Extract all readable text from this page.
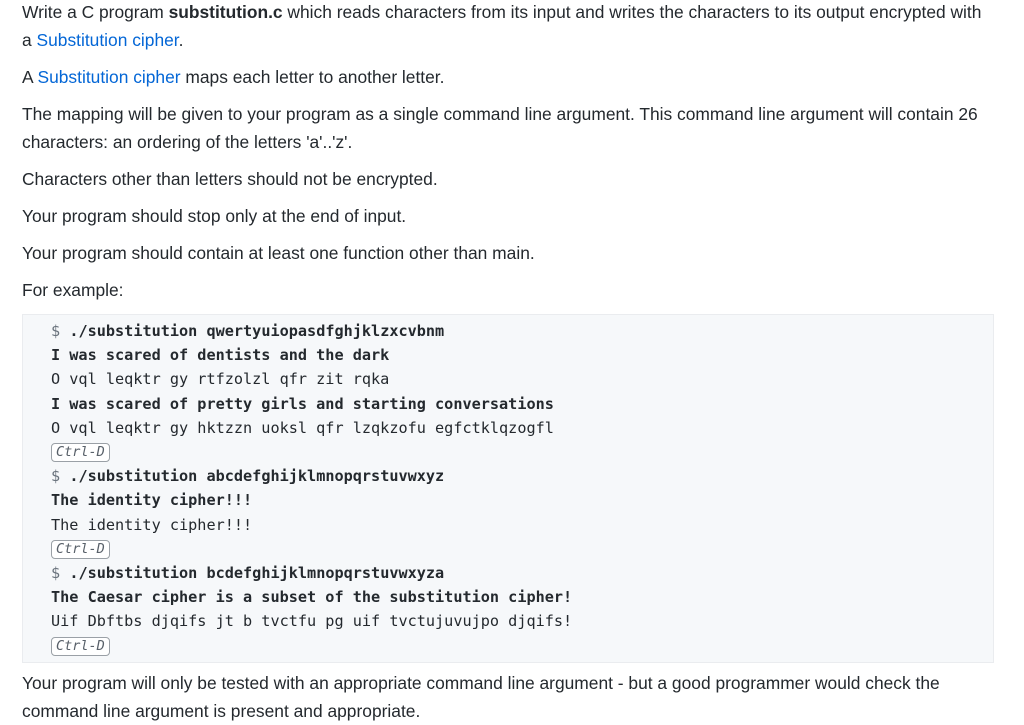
Write a C program substitution.c which reads characters from its input and writes the characters to its output encrypted with a Substitution cipher.

A Substitution cipher maps each letter to another letter.

The mapping will be given to your program as a single command line argument. This command line argument will contain 26 characters: an ordering of the letters 'a'..'z'.

Characters other than letters should not be encrypted.

Your program should stop only at the end of input.

Your program should contain at least one function other than main.

For example:

$ ./substitution qwertyuiopasdfghjklzxcvbnm
I was scared of dentists and the dark
O vql leqktr gy rtfzolzl qfr zit rqka
I was scared of pretty girls and starting conversations
O vql leqktr gy hktzzn uoksl qfr lzqkzofu egfctklqzogfl
Ctrl-D
$ ./substitution abcdefghijklmnopqrstuvwxyz
The identity cipher!!!
The identity cipher!!!
Ctrl-D
$ ./substitution bcdefghijklmnopqrstuvwxyza
The Caesar cipher is a subset of the substitution cipher!
Uif Dbftbs djqifs jt b tvctfu pg uif tvctujuvujpo djqifs!
Ctrl-D

Your program will only be tested with an appropriate command line argument - but a good programmer would check the command line argument is present and appropriate.
